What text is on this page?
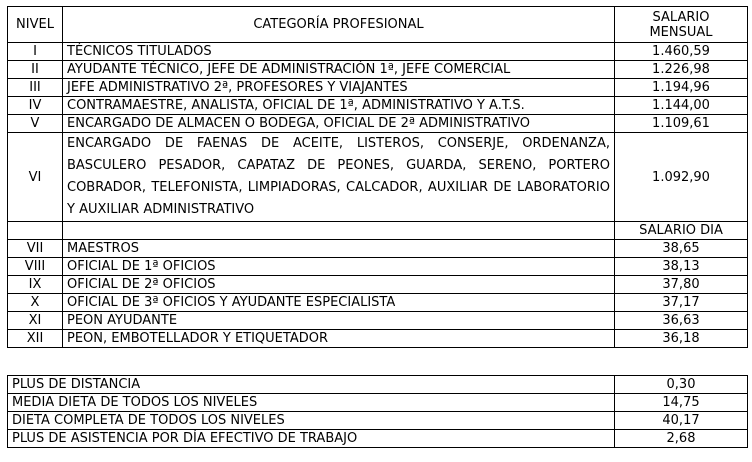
NIVEL	CATEGORÍA PROFESIONAL	SALARIO
MENSUAL
I	TÉCNICOS TITULADOS	1.460,59
II	AYUDANTE TÉCNICO, JEFE DE ADMINISTRACIÓN 1ª, JEFE COMERCIAL	1.226,98
III	JEFE ADMINISTRATIVO 2ª, PROFESORES Y VIAJANTES	1.194,96
IV	CONTRAMAESTRE, ANALISTA, OFICIAL DE 1ª, ADMINISTRATIVO Y A.T.S.	1.144,00
V	ENCARGADO DE ALMACEN O BODEGA, OFICIAL DE 2ª ADMINISTRATIVO	1.109,61
VI	ENCARGADO DE FAENAS DE ACEITE, LISTEROS, CONSERJE, ORDENANZA, BASCULERO PESADOR, CAPATAZ DE PEONES, GUARDA, SERENO, PORTERO COBRADOR, TELEFONISTA, LIMPIADORAS, CALCADOR, AUXILIAR DE LABORATORIO Y AUXILIAR ADMINISTRATIVO	1.092,90
		SALARIO DIA
VII	MAESTROS	38,65
VIII	OFICIAL DE 1ª OFICIOS	38,13
IX	OFICIAL DE 2ª OFICIOS	37,80
X	OFICIAL DE 3ª OFICIOS Y AYUDANTE ESPECIALISTA	37,17
XI	PEON AYUDANTE	36,63
XII	PEON, EMBOTELLADOR Y ETIQUETADOR	36,18
PLUS DE DISTANCIA	0,30
MEDIA DIETA DE TODOS LOS NIVELES	14,75
DIETA COMPLETA DE TODOS LOS NIVELES	40,17
PLUS DE ASISTENCIA POR DÍA EFECTIVO DE TRABAJO	2,68
